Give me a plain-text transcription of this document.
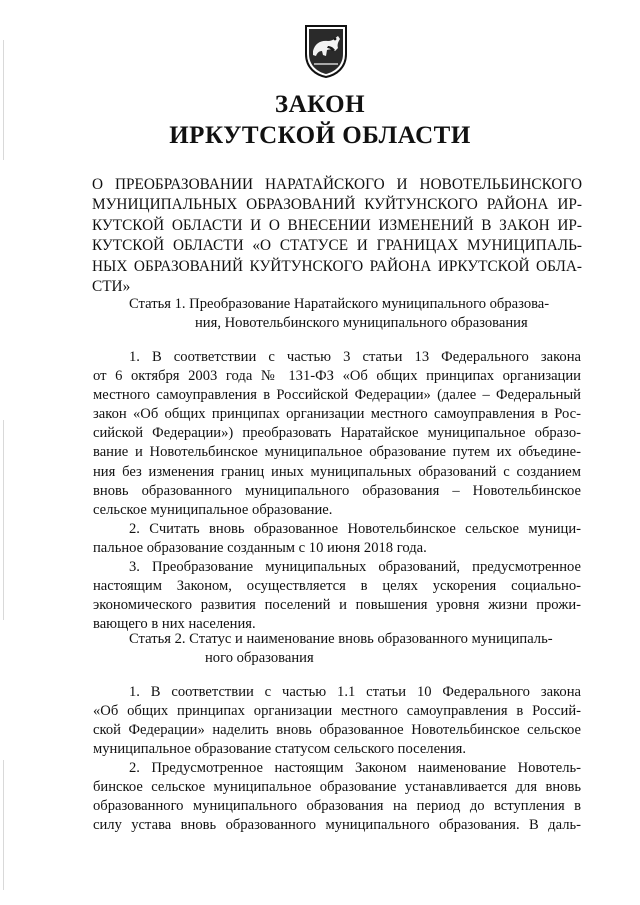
ЗАКОН
ИРКУТСКОЙ ОБЛАСТИ
О ПРЕОБРАЗОВАНИИ НАРАТАЙСКОГО И НОВОТЕЛЬБИНСКОГО
МУНИЦИПАЛЬНЫХ ОБРАЗОВАНИЙ КУЙТУНСКОГО РАЙОНА ИР-
КУТСКОЙ ОБЛАСТИ И О ВНЕСЕНИИ ИЗМЕНЕНИЙ В ЗАКОН ИР-
КУТСКОЙ ОБЛАСТИ «О СТАТУСЕ И ГРАНИЦАХ МУНИЦИПАЛЬ-
НЫХ ОБРАЗОВАНИЙ КУЙТУНСКОГО РАЙОНА ИРКУТСКОЙ ОБЛА-
СТИ»
Статья 1. Преобразование Наратайского муниципального образова-
ния, Новотельбинского муниципального образования
1. В соответствии с частью 3 статьи 13 Федерального закона
от 6 октября 2003 года № 131-ФЗ «Об общих принципах организации
местного самоуправления в Российской Федерации» (далее – Федеральный
закон «Об общих принципах организации местного самоуправления в Рос-
сийской Федерации») преобразовать Наратайское муниципальное образо-
вание и Новотельбинское муниципальное образование путем их объедине-
ния без изменения границ иных муниципальных образований с созданием
вновь образованного муниципального образования – Новотельбинское
сельское муниципальное образование.
2. Считать вновь образованное Новотельбинское сельское муници-
пальное образование созданным с 10 июня 2018 года.
3. Преобразование муниципальных образований, предусмотренное
настоящим Законом, осуществляется в целях ускорения социально-
экономического развития поселений и повышения уровня жизни прожи-
вающего в них населения.
Статья 2. Статус и наименование вновь образованного муниципаль-
ного образования
1. В соответствии с частью 1.1 статьи 10 Федерального закона
«Об общих принципах организации местного самоуправления в Россий-
ской Федерации» наделить вновь образованное Новотельбинское сельское
муниципальное образование статусом сельского поселения.
2. Предусмотренное настоящим Законом наименование Новотель-
бинское сельское муниципальное образование устанавливается для вновь
образованного муниципального образования на период до вступления в
силу устава вновь образованного муниципального образования. В даль-
